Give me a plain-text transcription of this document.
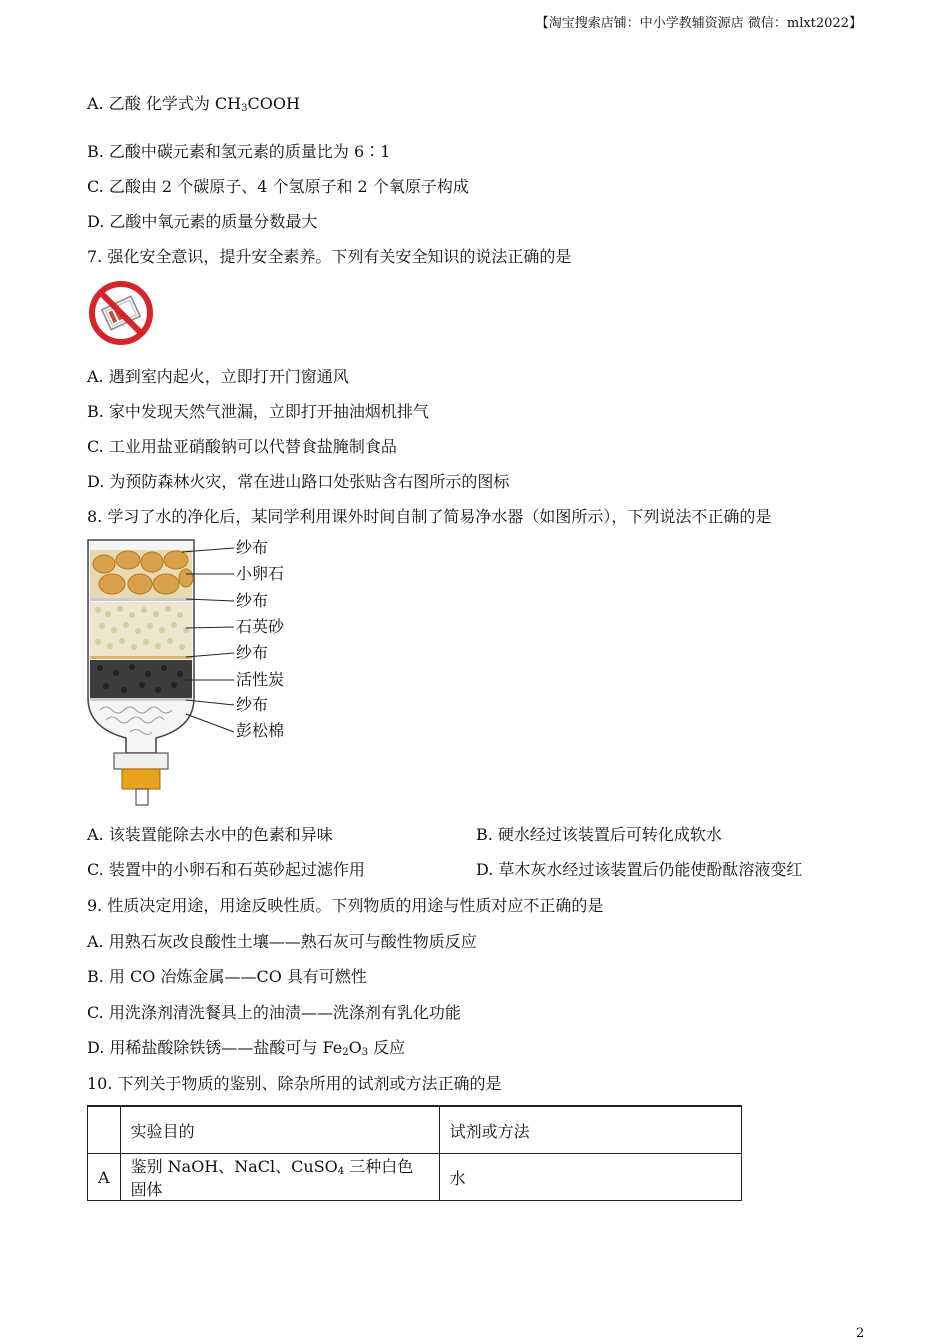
【淘宝搜索店铺：中小学教辅资源店 微信：mlxt2022】
A. 乙酸 化学式为 $CH_3COOH$
B. 乙酸中碳元素和氢元素的质量比为 6∶1
C. 乙酸由 2 个碳原子、4 个氢原子和 2 个氧原子构成
D. 乙酸中氧元素的质量分数最大
7. 强化安全意识，提升安全素养。下列有关安全知识的说法正确的是
A. 遇到室内起火，立即打开门窗通风
B. 家中发现天然气泄漏，立即打开抽油烟机排气
C. 工业用盐亚硝酸钠可以代替食盐腌制食品
D. 为预防森林火灾，常在进山路口处张贴含右图所示的图标
8. 学习了水的净化后，某同学利用课外时间自制了简易净水器（如图所示），下列说法不正确的是
纱布
小卵石
纱布
石英砂
纱布
活性炭
纱布
彭松棉
A. 该装置能除去水中的色素和异味	B. 硬水经过该装置后可转化成软水
C. 装置中的小卵石和石英砂起过滤作用	D. 草木灰水经过该装置后仍能使酚酞溶液变红
9. 性质决定用途，用途反映性质。下列物质的用途与性质对应不正确的是
A. 用熟石灰改良酸性土壤——熟石灰可与酸性物质反应
B. 用 CO 冶炼金属——CO 具有可燃性
C. 用洗涤剂清洗餐具上的油渍——洗涤剂有乳化功能
D. 用稀盐酸除铁锈——盐酸可与 $Fe_2O_3$ 反应
10. 下列关于物质的鉴别、除杂所用的试剂或方法正确的是
	实验目的	试剂或方法
A	鉴别 NaOH、NaCl、CuSO$_4$ 三种白色固体	水
2
